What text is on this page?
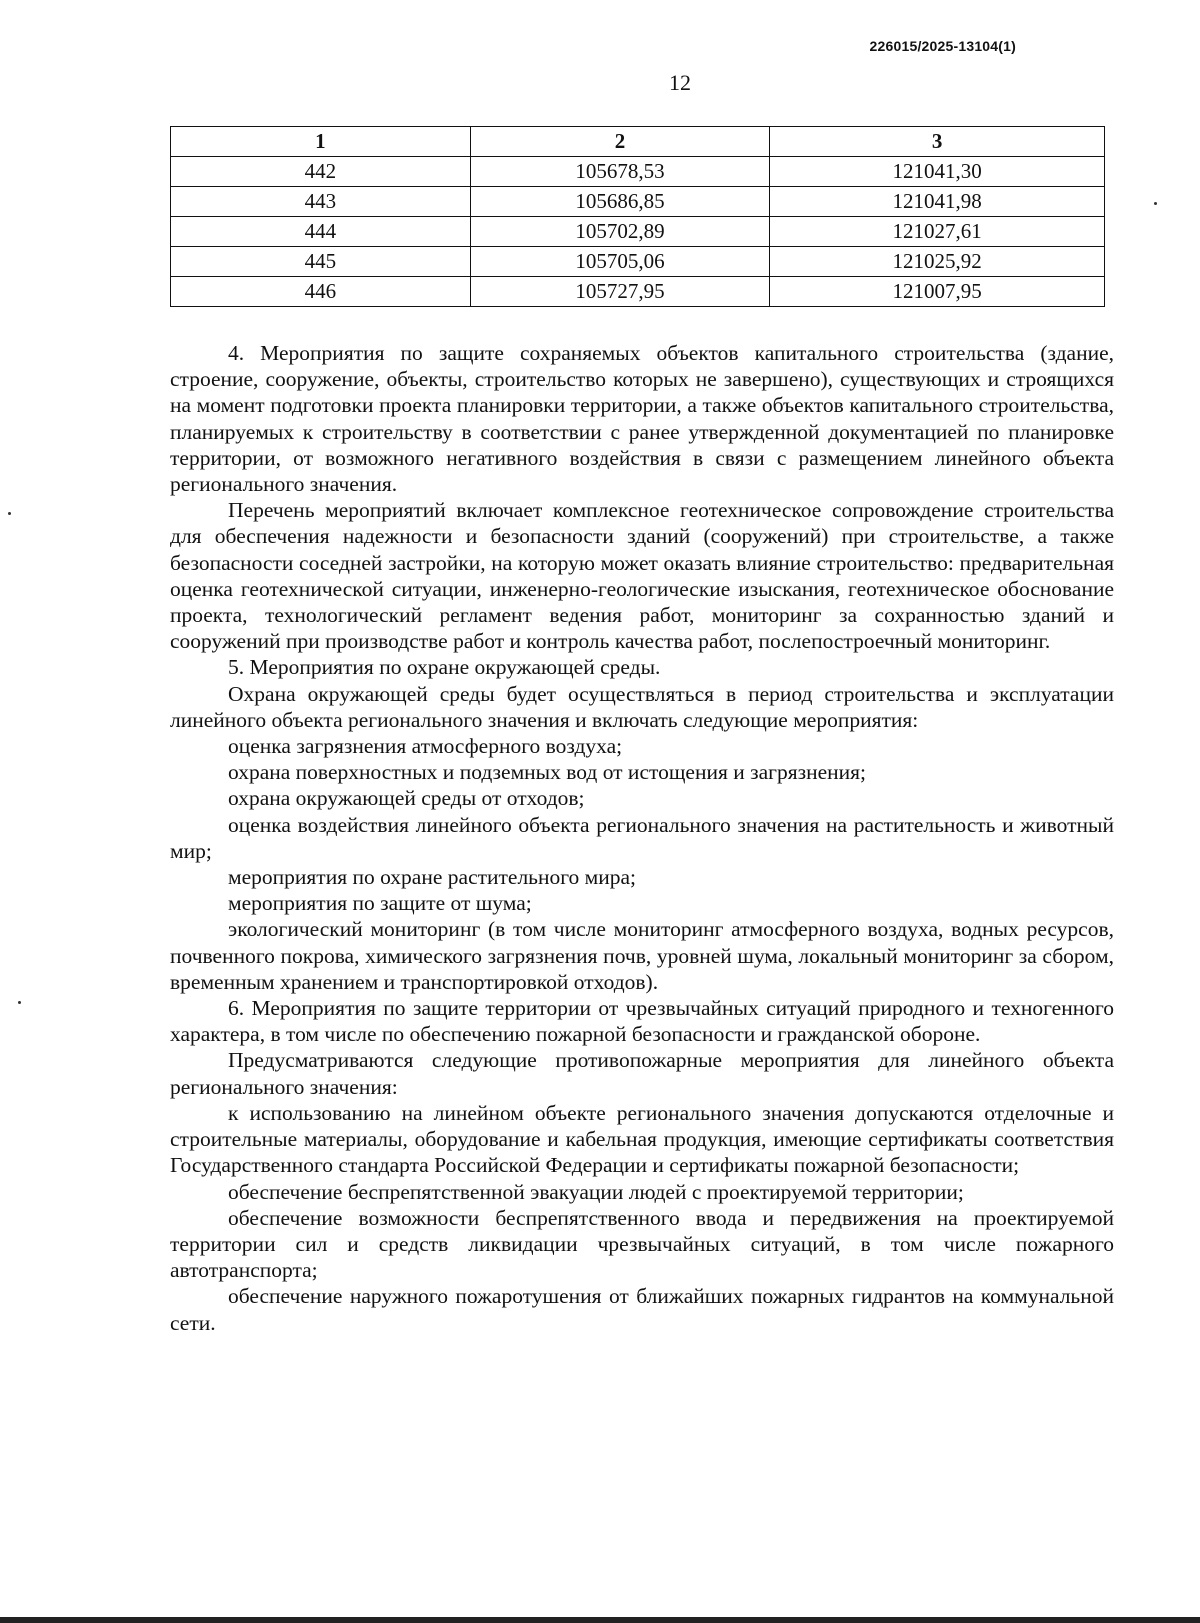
226015/2025-13104(1)
12
1	2	3
442	105678,53	121041,30
443	105686,85	121041,98
444	105702,89	121027,61
445	105705,06	121025,92
446	105727,95	121007,95

4. Мероприятия по защите сохраняемых объектов капитального строительства (здание, строение, сооружение, объекты, строительство которых не завершено), существующих и строящихся на момент подготовки проекта планировки территории, а также объектов капитального строительства, планируемых к строительству в соответствии с ранее утвержденной документацией по планировке территории, от возможного негативного воздействия в связи с размещением линейного объекта регионального значения.

Перечень мероприятий включает комплексное геотехническое сопровождение строительства для обеспечения надежности и безопасности зданий (сооружений) при строительстве, а также безопасности соседней застройки, на которую может оказать влияние строительство: предварительная оценка геотехнической ситуации, инженерно-геологические изыскания, геотехническое обоснование проекта, технологический регламент ведения работ, мониторинг за сохранностью зданий и сооружений при производстве работ и контроль качества работ, послепостроечный мониторинг.

5. Мероприятия по охране окружающей среды.

Охрана окружающей среды будет осуществляться в период строительства и эксплуатации линейного объекта регионального значения и включать следующие мероприятия:

оценка загрязнения атмосферного воздуха;

охрана поверхностных и подземных вод от истощения и загрязнения;

охрана окружающей среды от отходов;

оценка воздействия линейного объекта регионального значения на растительность и животный мир;

мероприятия по охране растительного мира;

мероприятия по защите от шума;

экологический мониторинг (в том числе мониторинг атмосферного воздуха, водных ресурсов, почвенного покрова, химического загрязнения почв, уровней шума, локальный мониторинг за сбором, временным хранением и транспортировкой отходов).

6. Мероприятия по защите территории от чрезвычайных ситуаций природного и техногенного характера, в том числе по обеспечению пожарной безопасности и гражданской обороне.

Предусматриваются следующие противопожарные мероприятия для линейного объекта регионального значения:

к использованию на линейном объекте регионального значения допускаются отделочные и строительные материалы, оборудование и кабельная продукция, имеющие сертификаты соответствия Государственного стандарта Российской Федерации и сертификаты пожарной безопасности;

обеспечение беспрепятственной эвакуации людей с проектируемой территории;

обеспечение возможности беспрепятственного ввода и передвижения на проектируемой территории сил и средств ликвидации чрезвычайных ситуаций, в том числе пожарного автотранспорта;

обеспечение наружного пожаротушения от ближайших пожарных гидрантов на коммунальной сети.
